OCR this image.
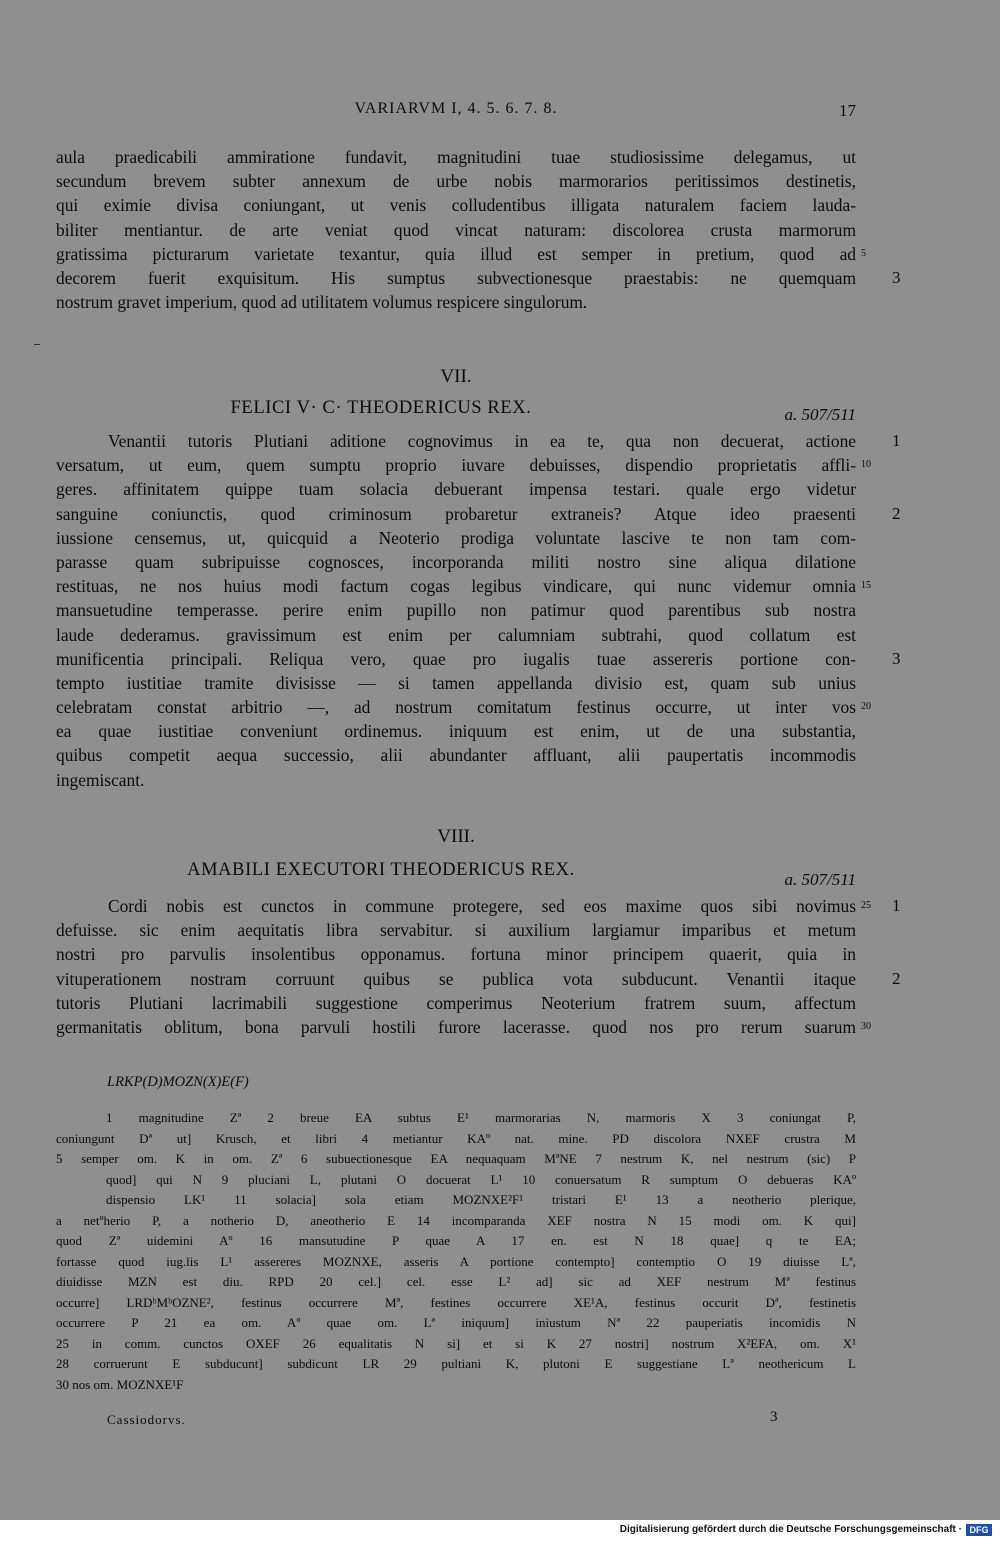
VARIARVM I, 4. 5. 6. 7. 8.	17
aula praedicabili ammiratione fundavit, magnitudini tuae studiosissime delegamus, ut
secundum brevem subter annexum de urbe nobis marmorarios peritissimos destinetis,
qui eximie divisa coniungant, ut venis colludentibus illigata naturalem faciem lauda-
biliter mentiantur. de arte veniat quod vincat naturam: discolorea crusta marmorum
gratissima picturarum varietate texantur, quia illud est semper in pretium, quod ad 5
decorem fuerit exquisitum. His sumptus subvectionesque praestabis: ne quemquam 3
nostrum gravet imperium, quod ad utilitatem volumus respicere singulorum.
Venantii tutoris Plutiani aditione cognovimus in ea te, qua non decuerat, actione 1
versatum, ut eum, quem sumptu proprio iuvare debuisses, dispendio proprietatis affli- 10
geres. affinitatem quippe tuam solacia debuerant impensa testari. quale ergo videtur
sanguine coniunctis, quod criminosum probaretur extraneis? Atque ideo praesenti 2
iussione censemus, ut, quicquid a Neoterio prodiga voluntate lascive te non tam com-
parasse quam subripuisse cognosces, incorporanda militi nostro sine aliqua dilatione
restituas, ne nos huius modi factum cogas legibus vindicare, qui nunc videmur omnia 15
mansuetudine temperasse. perire enim pupillo non patimur quod parentibus sub nostra
laude dederamus. gravissimum est enim per calumniam subtrahi, quod collatum est
munificentia principali. Reliqua vero, quae pro iugalis tuae assereris portione con- 3
tempto iustitiae tramite divisisse — si tamen appellanda divisio est, quam sub unius
celebratam constat arbitrio —, ad nostrum comitatum festinus occurre, ut inter vos 20
ea quae iustitiae conveniunt ordinemus. iniquum est enim, ut de una substantia,
quibus competit aequa successio, alii abundanter affluant, alii paupertatis incommodis
ingemiscant.
Cordi nobis est cunctos in commune protegere, sed eos maxime quos sibi novimus 25	1
defuisse. sic enim aequitatis libra servabitur. si auxilium largiamur imparibus et metum
nostri pro parvulis insolentibus opponamus. fortuna minor principem quaerit, quia in
vituperationem nostram corruunt quibus se publica vota subducunt. Venantii itaque 2
tutoris Plutiani lacrimabili suggestione comperimus Neoterium fratrem suum, affectum
germanitatis oblitum, bona parvuli hostili furore lacerasse. quod nos pro rerum suarum 30
VII.
FELICI V· C· THEODERICUS REX.	a. 507/511
VIII.
AMABILI EXECUTORI THEODERICUS REX.	a. 507/511
LRKP(D)MOZN(X)E(F)
1 magnitudine Zª 2 breue EA subtus E¹ marmorarias N, marmoris X 3 coniungat P,
coniungunt Dª ut] Krusch, et libri 4 metiantur KAº nat. mine. PD discolora NXEF crustra M
5 semper om. K in om. Zª 6 subuectionesque EA nequaquam MªNE 7 nestrum K, nel nestrum (sic) P
quod] qui N 9 pluciani L, plutani O docuerat L¹ 10 conuersatum R sumptum O debueras KAº
dispensio LK¹ 11 solacia] sola etiam MOZNXE²F¹ tristari E¹ 13 a neotherio plerique,
a netºherio P, a notherio D, aneotherio E 14 incomparanda XEF nostra N 15 modi om. K qui]
quod Zª uidemini Aº 16 mansutudine P quae A 17 en. est N 18 quae] q te EA;
fortasse quod iug.lis L¹ assereres MOZNXE, asseris A portione contempto] contemptio O 19 diuisse Lª,
diuidisse MZN est diu. RPD 20 cel.] cel. esse L² ad] sic ad XEF nestrum Mª festinus
occurre] LRDᵇMᵇOZNE², festinus occurrere Mª, festines occurrere XE¹A, festinus occurit Dª, festinetis
occurrere P 21 ea om. Aº quae om. Lª iniquum] iniustum Nª 22 pauperiatis incomidis N
25 in comm. cunctos OXEF 26 equalitatis N si] et si K 27 nostri] nostrum X²EFA, om. X¹
28 corruerunt E subducunt] subdicunt LR 29 pultiani K, plutoni E suggestiane Lª neothericum L
30 nos om. MOZNXE¹F
Cassiodorvs.	3
Digitalisierung gefördert durch die Deutsche Forschungsgemeinschaft · DFG
